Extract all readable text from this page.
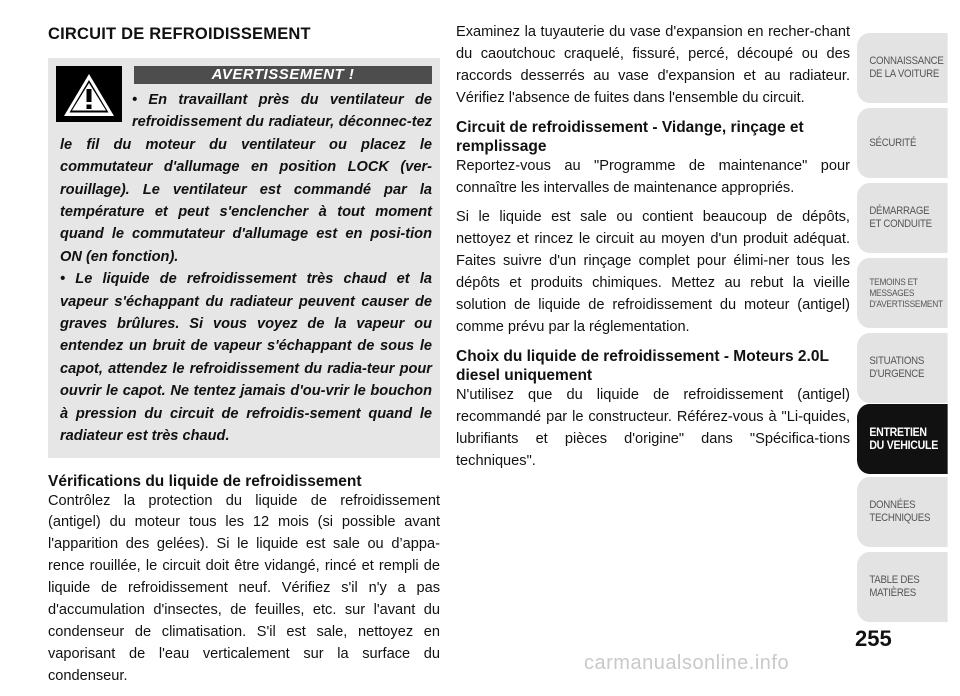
CIRCUIT DE REFROIDISSEMENT
AVERTISSEMENT !

• En travaillant près du ventilateur de refroidissement du radiateur, déconnec-tez le fil du moteur du ventilateur ou placez le commutateur d'allumage en position LOCK (ver-rouillage). Le ventilateur est commandé par la température et peut s'enclencher à tout moment quand le commutateur d'allumage est en posi-tion ON (en fonction).

• Le liquide de refroidissement très chaud et la vapeur s'échappant du radiateur peuvent causer de graves brûlures. Si vous voyez de la vapeur ou entendez un bruit de vapeur s'échappant de sous le capot, attendez le refroidissement du radia-teur pour ouvrir le capot. Ne tentez jamais d'ou-vrir le bouchon à pression du circuit de refroidis-sement quand le radiateur est très chaud.

Vérifications du liquide de refroidissement

Contrôlez la protection du liquide de refroidissement (antigel) du moteur tous les 12 mois (si possible avant l'apparition des gelées). Si le liquide est sale ou d’appa-rence rouillée, le circuit doit être vidangé, rincé et rempli de liquide de refroidissement neuf. Vérifiez s'il n'y a pas d'accumulation d'insectes, de feuilles, etc. sur l'avant du condenseur de climatisation. S'il est sale, nettoyez en vaporisant de l'eau verticalement sur la surface du condenseur.

Examinez la tuyauterie du vase d'expansion en recher-chant du caoutchouc craquelé, fissuré, percé, découpé ou des raccords desserrés au vase d'expansion et au radiateur. Vérifiez l'absence de fuites dans l'ensemble du circuit.

Circuit de refroidissement - Vidange, rinçage et remplissage

Reportez-vous au "Programme de maintenance" pour connaître les intervalles de maintenance appropriés.

Si le liquide est sale ou contient beaucoup de dépôts, nettoyez et rincez le circuit au moyen d'un produit adéquat. Faites suivre d'un rinçage complet pour élimi-ner tous les dépôts et produits chimiques. Mettez au rebut la vieille solution de liquide de refroidissement du moteur (antigel) comme prévu par la réglementation.

Choix du liquide de refroidissement - Moteurs 2.0L diesel uniquement

N'utilisez que du liquide de refroidissement (antigel) recommandé par le constructeur. Référez-vous à "Li-quides, lubrifiants et pièces d'origine" dans "Spécifica-tions techniques".

CONNAISSANCE
DE LA VOITURE
SÉCURITÉ
DÉMARRAGE
ET CONDUITE
TEMOINS ET
MESSAGES
D'AVERTISSEMENT
SITUATIONS
D'URGENCE
ENTRETIEN
DU VEHICULE
DONNÉES
TECHNIQUES
TABLE DES
MATIÈRES
255
carmanualsonline.info
